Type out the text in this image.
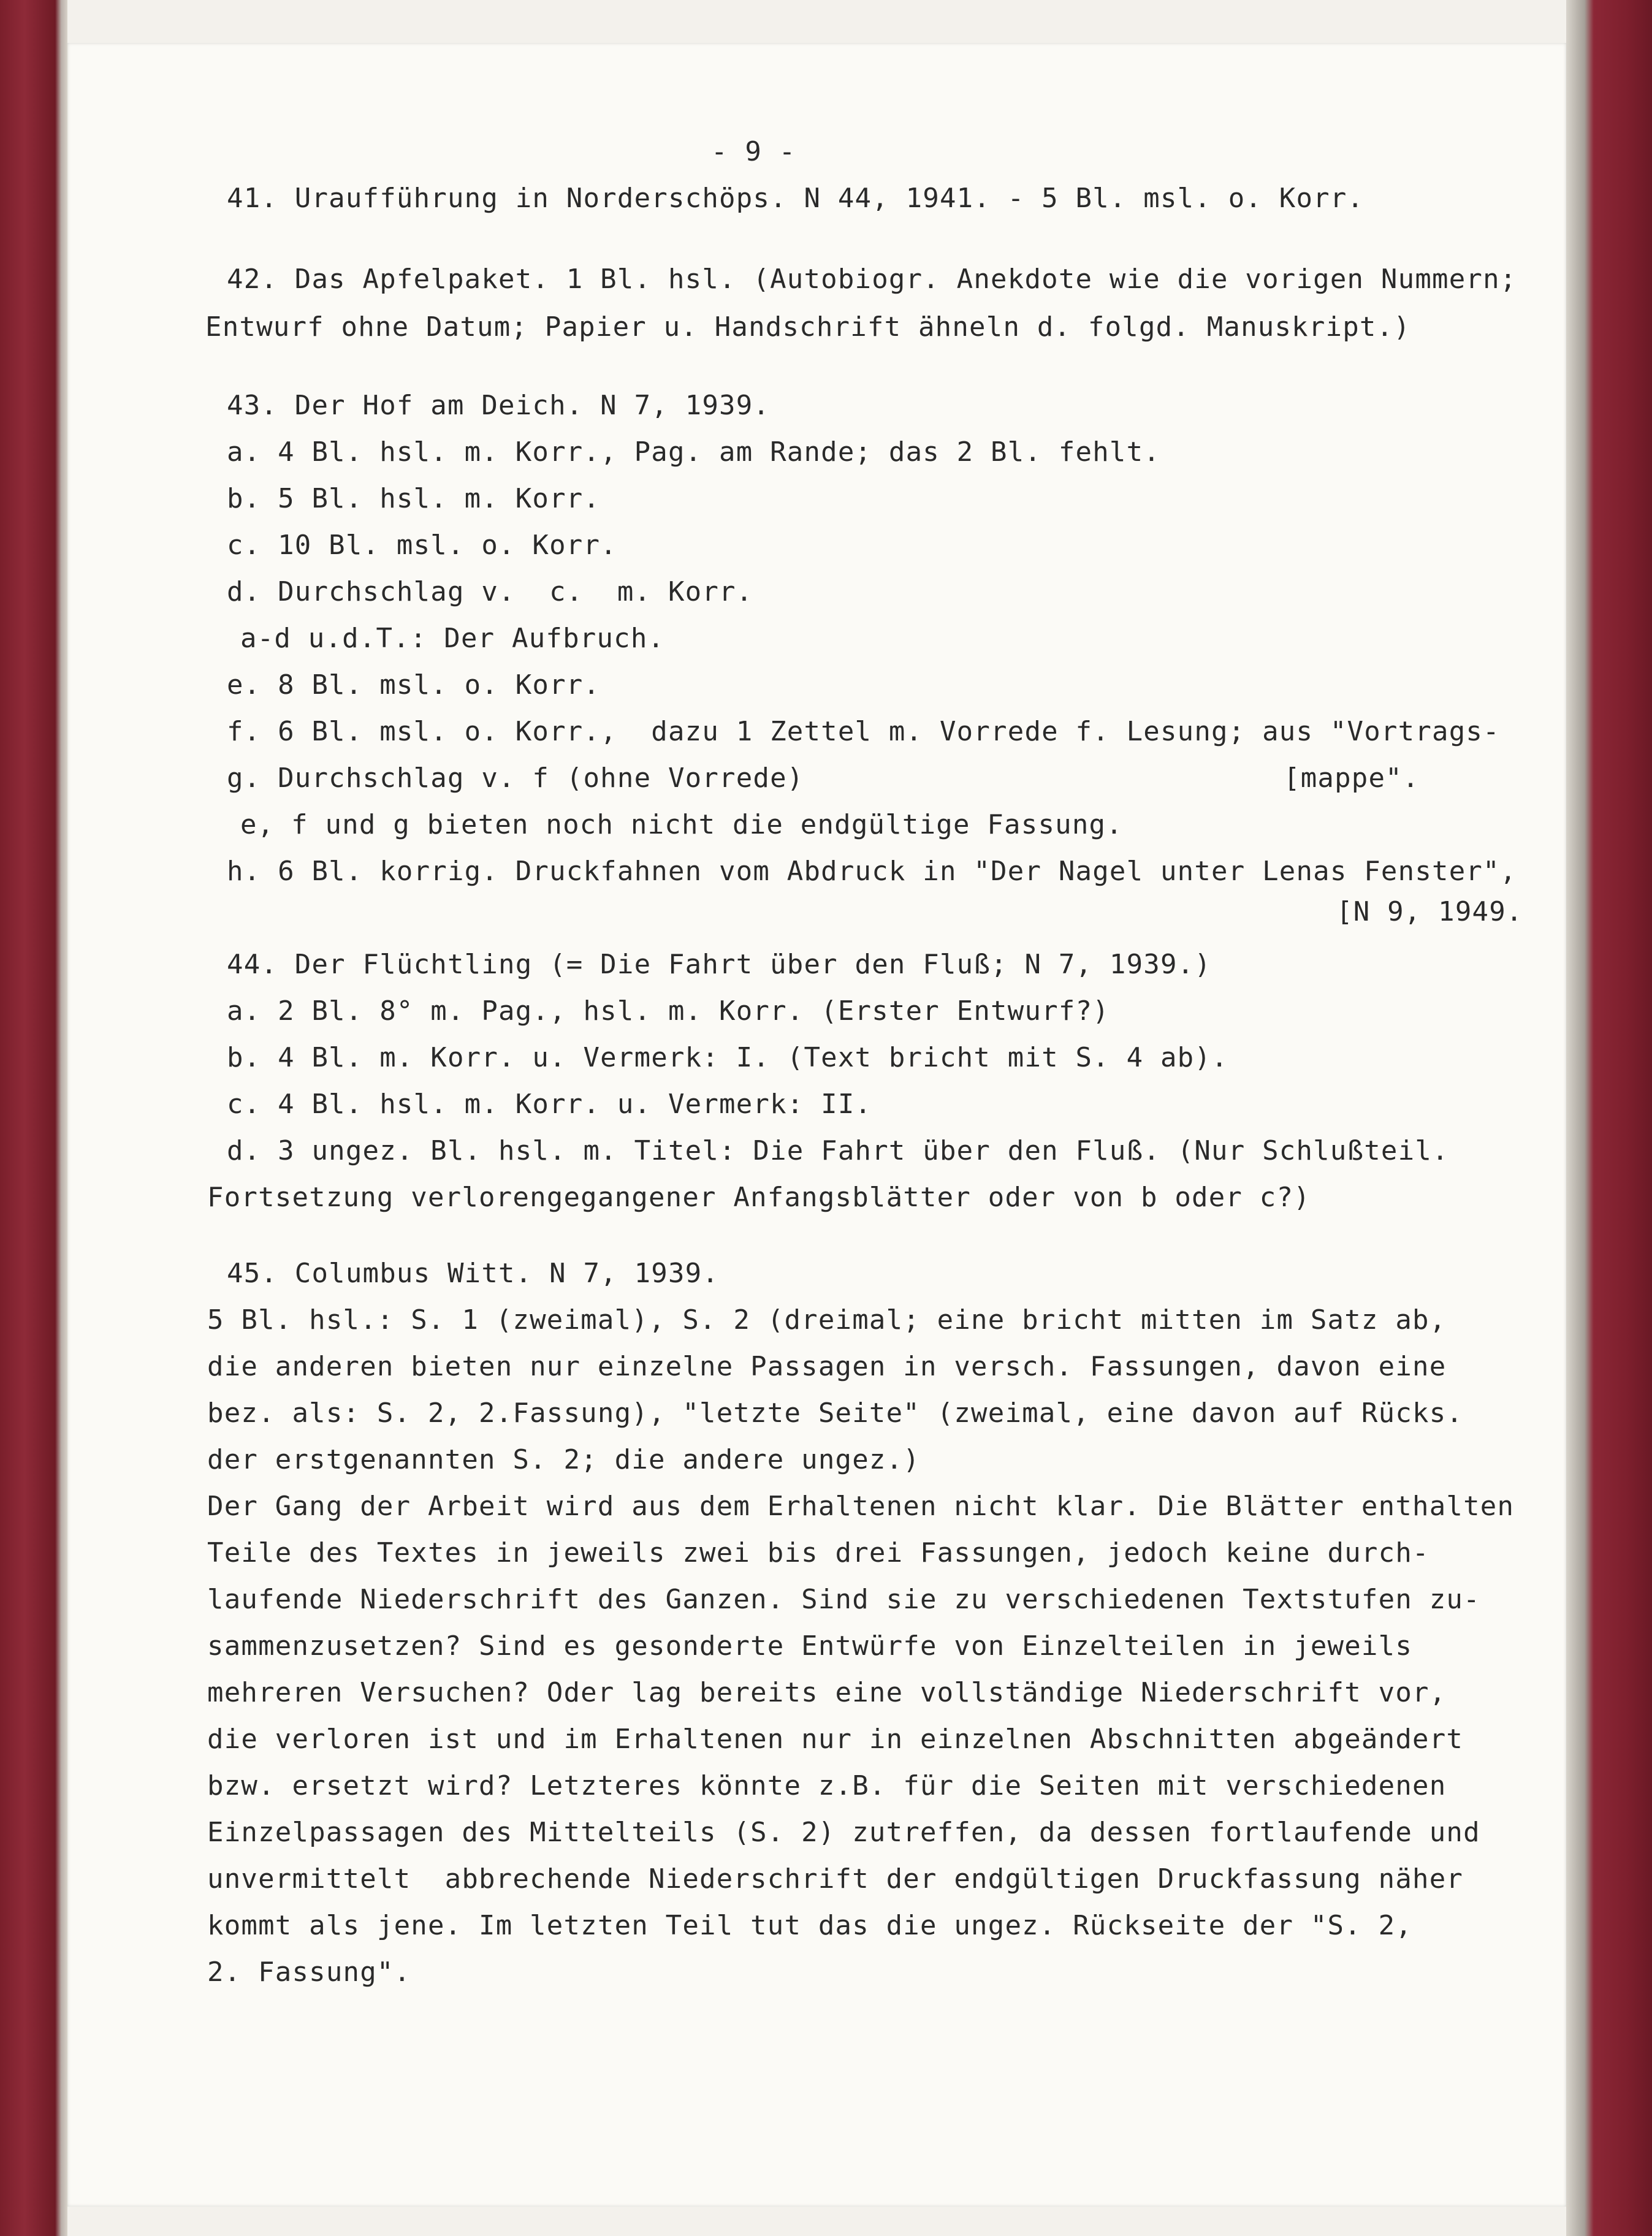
- 9 -
41. Uraufführung in Norderschöps. N 44, 1941. - 5 Bl. msl. o. Korr.
42. Das Apfelpaket. 1 Bl. hsl. (Autobiogr. Anekdote wie die vorigen Nummern;
Entwurf ohne Datum; Papier u. Handschrift ähneln d. folgd. Manuskript.)
43. Der Hof am Deich. N 7, 1939.
a. 4 Bl. hsl. m. Korr., Pag. am Rande; das 2 Bl. fehlt.
b. 5 Bl. hsl. m. Korr.
c. 10 Bl. msl. o. Korr.
d. Durchschlag v.  c.  m. Korr.
a-d u.d.T.: Der Aufbruch.
e. 8 Bl. msl. o. Korr.
f. 6 Bl. msl. o. Korr.,  dazu 1 Zettel m. Vorrede f. Lesung; aus "Vortrags-
g. Durchschlag v. f (ohne Vorrede)	[mappe".
e, f und g bieten noch nicht die endgültige Fassung.
h. 6 Bl. korrig. Druckfahnen vom Abdruck in "Der Nagel unter Lenas Fenster",
[N 9, 1949.
44. Der Flüchtling (= Die Fahrt über den Fluß; N 7, 1939.)
a. 2 Bl. 8° m. Pag., hsl. m. Korr. (Erster Entwurf?)
b. 4 Bl. m. Korr. u. Vermerk: I. (Text bricht mit S. 4 ab).
c. 4 Bl. hsl. m. Korr. u. Vermerk: II.
d. 3 ungez. Bl. hsl. m. Titel: Die Fahrt über den Fluß. (Nur Schlußteil.
Fortsetzung verlorengegangener Anfangsblätter oder von b oder c?)
45. Columbus Witt. N 7, 1939.
5 Bl. hsl.: S. 1 (zweimal), S. 2 (dreimal; eine bricht mitten im Satz ab,
die anderen bieten nur einzelne Passagen in versch. Fassungen, davon eine
bez. als: S. 2, 2.Fassung), "letzte Seite" (zweimal, eine davon auf Rücks.
der erstgenannten S. 2; die andere ungez.)
Der Gang der Arbeit wird aus dem Erhaltenen nicht klar. Die Blätter enthalten
Teile des Textes in jeweils zwei bis drei Fassungen, jedoch keine durch-
laufende Niederschrift des Ganzen. Sind sie zu verschiedenen Textstufen zu-
sammenzusetzen? Sind es gesonderte Entwürfe von Einzelteilen in jeweils
mehreren Versuchen? Oder lag bereits eine vollständige Niederschrift vor,
die verloren ist und im Erhaltenen nur in einzelnen Abschnitten abgeändert
bzw. ersetzt wird? Letzteres könnte z.B. für die Seiten mit verschiedenen
Einzelpassagen des Mittelteils (S. 2) zutreffen, da dessen fortlaufende und
unvermittelt  abbrechende Niederschrift der endgültigen Druckfassung näher
kommt als jene. Im letzten Teil tut das die ungez. Rückseite der "S. 2,
2. Fassung".
